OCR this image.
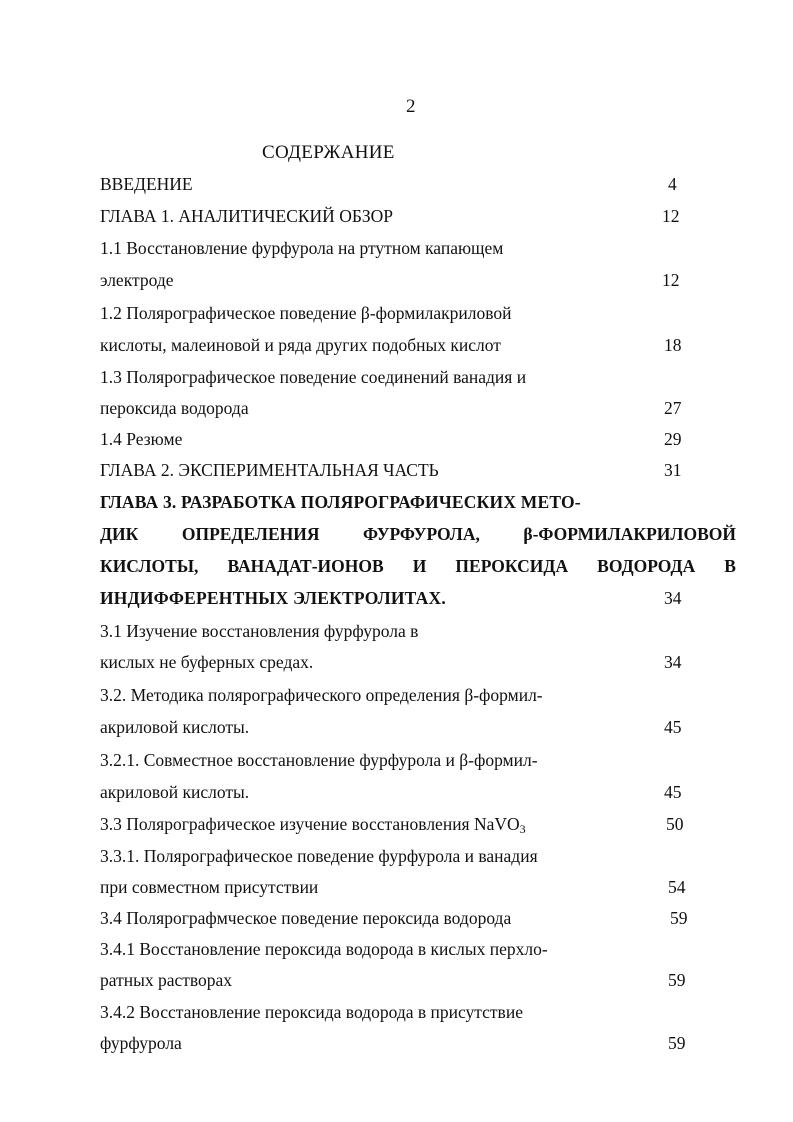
2
СОДЕРЖАНИЕ
ВВЕДЕНИЕ	4
ГЛАВА 1. АНАЛИТИЧЕСКИЙ ОБЗОР	12
1.1 Восстановление фурфурола на ртутном капающем
электроде	12
1.2 Полярографическое поведение β-формилакриловой
кислоты, малеиновой и ряда других подобных кислот	18
1.3 Полярографическое поведение соединений ванадия и
пероксида водорода	27
1.4 Резюме	29
ГЛАВА 2. ЭКСПЕРИМЕНТАЛЬНАЯ ЧАСТЬ	31
ГЛАВА 3. РАЗРАБОТКА ПОЛЯРОГРАФИЧЕСКИХ МЕТО-
ДИК ОПРЕДЕЛЕНИЯ ФУРФУРОЛА, β-ФОРМИЛАКРИЛОВОЙ
КИСЛОТЫ, ВАНАДАТ-ИОНОВ И ПЕРОКСИДА ВОДОРОДА В
ИНДИФФЕРЕНТНЫХ ЭЛЕКТРОЛИТАХ.	34
3.1 Изучение восстановления фурфурола в
кислых не буферных средах.	34
3.2. Методика полярографического определения β-формил-
акриловой кислоты.	45
3.2.1. Совместное восстановление фурфурола и β-формил-
акриловой кислоты.	45
3.3 Полярографическое изучение восстановления NaVO$_3$	50
3.3.1. Полярографическое поведение фурфурола и ванадия
при совместном присутствии	54
3.4 Полярографмческое поведение пероксида водорода	59
3.4.1 Восстановление пероксида водорода в кислых перхло-
ратных растворах	59
3.4.2 Восстановление пероксида водорода в присутствие
фурфурола	59
